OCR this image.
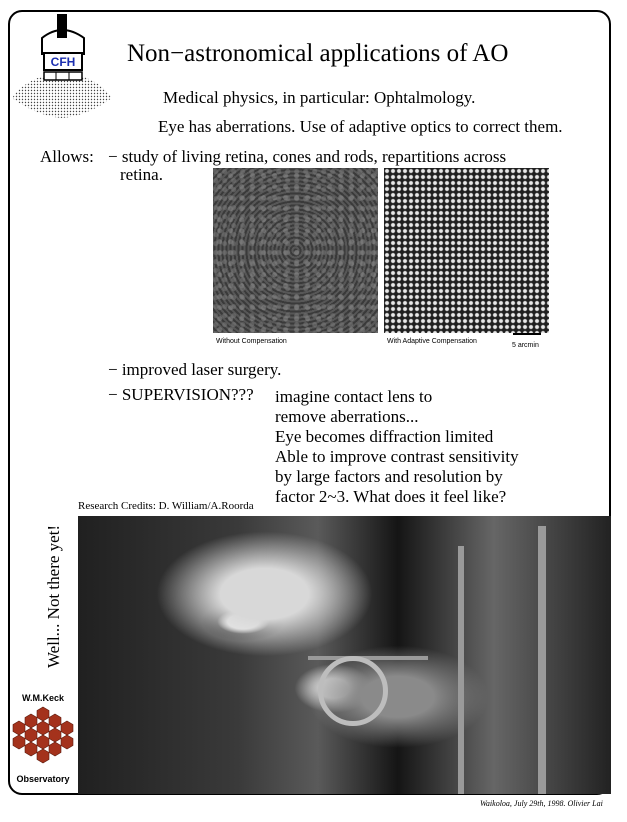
CFH Non−astronomical applications of AO
Medical physics, in particular: Ophtalmology.
Eye has aberrations. Use of adaptive optics to correct them.
Allows: − study of living retina, cones and rods, repartitions across
retina.
Without Compensation	With Adaptive Compensation
5 arcmin
− improved laser surgery.
− SUPERVISION??? imagine contact lens to
remove aberrations...
Eye becomes diffraction limited
Able to improve contrast sensitivity
by large factors and resolution by
factor 2~3. What does it feel like?
Research Credits: D. William/A.Roorda
Well... Not there yet!
W.M.Keck
Observatory
Waikoloa, July 29th, 1998. Olivier Lai
